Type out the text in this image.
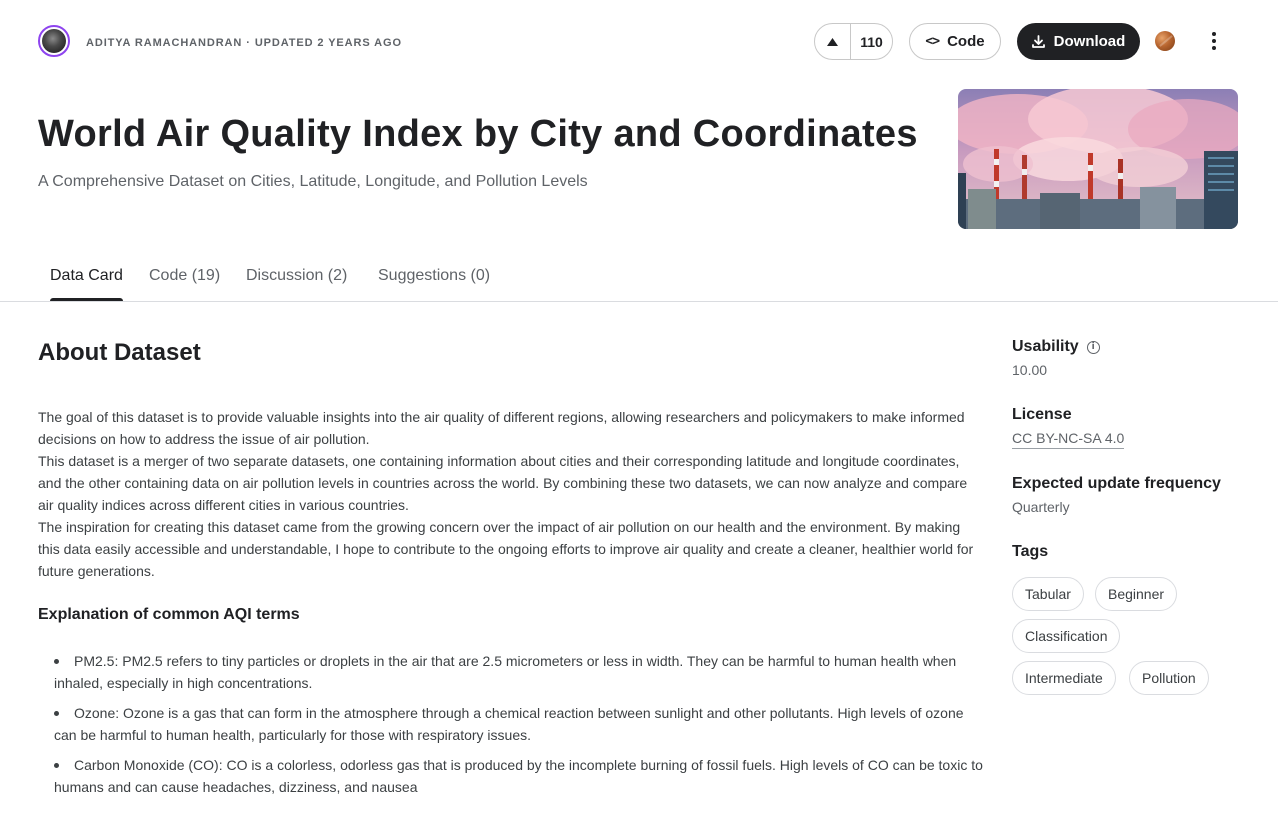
ADITYA RAMACHANDRAN · UPDATED 2 YEARS AGO	110	<> Code	Download
World Air Quality Index by City and Coordinates
A Comprehensive Dataset on Cities, Latitude, Longitude, and Pollution Levels
Data Card Code (19) Discussion (2) Suggestions (0)
About Dataset

The goal of this dataset is to provide valuable insights into the air quality of different regions, allowing researchers and policymakers to make informed decisions on how to address the issue of air pollution.

This dataset is a merger of two separate datasets, one containing information about cities and their corresponding latitude and longitude coordinates, and the other containing data on air pollution levels in countries across the world. By combining these two datasets, we can now analyze and compare air quality indices across different cities in various countries.

The inspiration for creating this dataset came from the growing concern over the impact of air pollution on our health and the environment. By making this data easily accessible and understandable, I hope to contribute to the ongoing efforts to improve air quality and create a cleaner, healthier world for future generations.

Explanation of common AQI terms
PM2.5: PM2.5 refers to tiny particles or droplets in the air that are 2.5 micrometers or less in width. They can be harmful to human health when inhaled, especially in high concentrations.
Ozone: Ozone is a gas that can form in the atmosphere through a chemical reaction between sunlight and other pollutants. High levels of ozone can be harmful to human health, particularly for those with respiratory issues.
Carbon Monoxide (CO): CO is a colorless, odorless gas that is produced by the incomplete burning of fossil fuels. High levels of CO can be toxic to humans and can cause headaches, dizziness, and nausea
Usability	i
10.00
License
CC BY-NC-SA 4.0
Expected update frequency
Quarterly
Tags
Tabular	Beginner
Classification
Intermediate	Pollution
